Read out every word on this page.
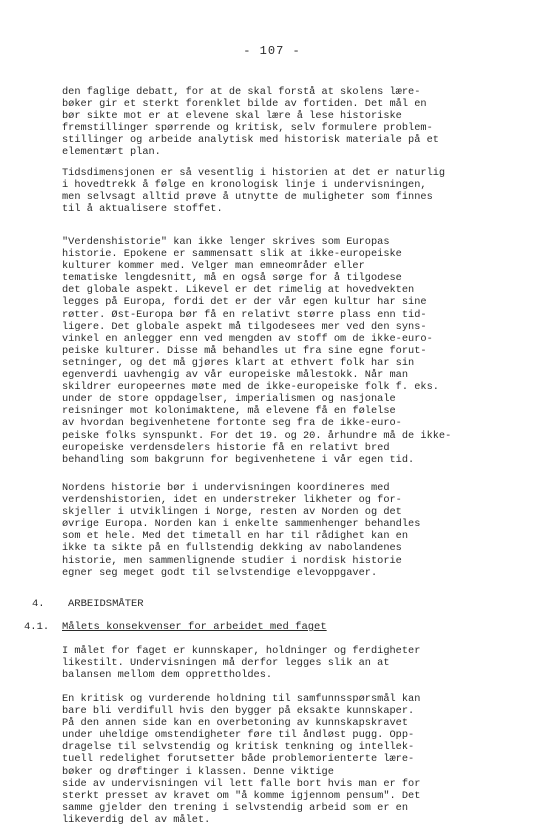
- 107 -
den faglige debatt, for at de skal forstå at skolens lære-
bøker gir et sterkt forenklet bilde av fortiden. Det mål en
bør sikte mot er at elevene skal lære å lese historiske
fremstillinger spørrende og kritisk, selv formulere problem-
stillinger og arbeide analytisk med historisk materiale på et
elementært plan.
Tidsdimensjonen er så vesentlig i historien at det er naturlig
i hovedtrekk å følge en kronologisk linje i undervisningen,
men selvsagt alltid prøve å utnytte de muligheter som finnes
til å aktualisere stoffet.
"Verdenshistorie" kan ikke lenger skrives som Europas
historie. Epokene er sammensatt slik at ikke-europeiske
kulturer kommer med. Velger man emneområder eller
tematiske lengdesnitt, må en også sørge for å tilgodese
det globale aspekt. Likevel er det rimelig at hovedvekten
legges på Europa, fordi det er der vår egen kultur har sine
røtter. Øst-Europa bør få en relativt større plass enn tid-
ligere. Det globale aspekt må tilgodesees mer ved den syns-
vinkel en anlegger enn ved mengden av stoff om de ikke-euro-
peiske kulturer. Disse må behandles ut fra sine egne forut-
setninger, og det må gjøres klart at ethvert folk har sin
egenverdi uavhengig av vår europeiske målestokk. Når man
skildrer europeernes møte med de ikke-europeiske folk f. eks.
under de store oppdagelser, imperialismen og nasjonale
reisninger mot kolonimaktene, må elevene få en følelse
av hvordan begivenhetene fortonte seg fra de ikke-euro-
peiske folks synspunkt. For det 19. og 20. århundre må de ikke-
europeiske verdensdelers historie få en relativt bred
behandling som bakgrunn for begivenhetene i vår egen tid.
Nordens historie bør i undervisningen koordineres med
verdenshistorien, idet en understreker likheter og for-
skjeller i utviklingen i Norge, resten av Norden og det
øvrige Europa. Norden kan i enkelte sammenhenger behandles
som et hele. Med det timetall en har til rådighet kan en
ikke ta sikte på en fullstendig dekking av nabolandenes
historie, men sammenlignende studier i nordisk historie
egner seg meget godt til selvstendige elevoppgaver.
4. ARBEIDSMÅTER
4.1. Målets konsekvenser for arbeidet med faget
I målet for faget er kunnskaper, holdninger og ferdigheter
likestilt. Undervisningen må derfor legges slik an at
balansen mellom dem opprettholdes.
En kritisk og vurderende holdning til samfunnsspørsmål kan
bare bli verdifull hvis den bygger på eksakte kunnskaper.
På den annen side kan en overbetoning av kunnskapskravet
under uheldige omstendigheter føre til åndløst pugg. Opp-
dragelse til selvstendig og kritisk tenkning og intellek-
tuell redelighet forutsetter både problemorienterte lære-
bøker og drøftinger i klassen. Denne viktige
side av undervisningen vil lett falle bort hvis man er for
sterkt presset av kravet om "å komme igjennom pensum". Det
samme gjelder den trening i selvstendig arbeid som er en
likeverdig del av målet.
